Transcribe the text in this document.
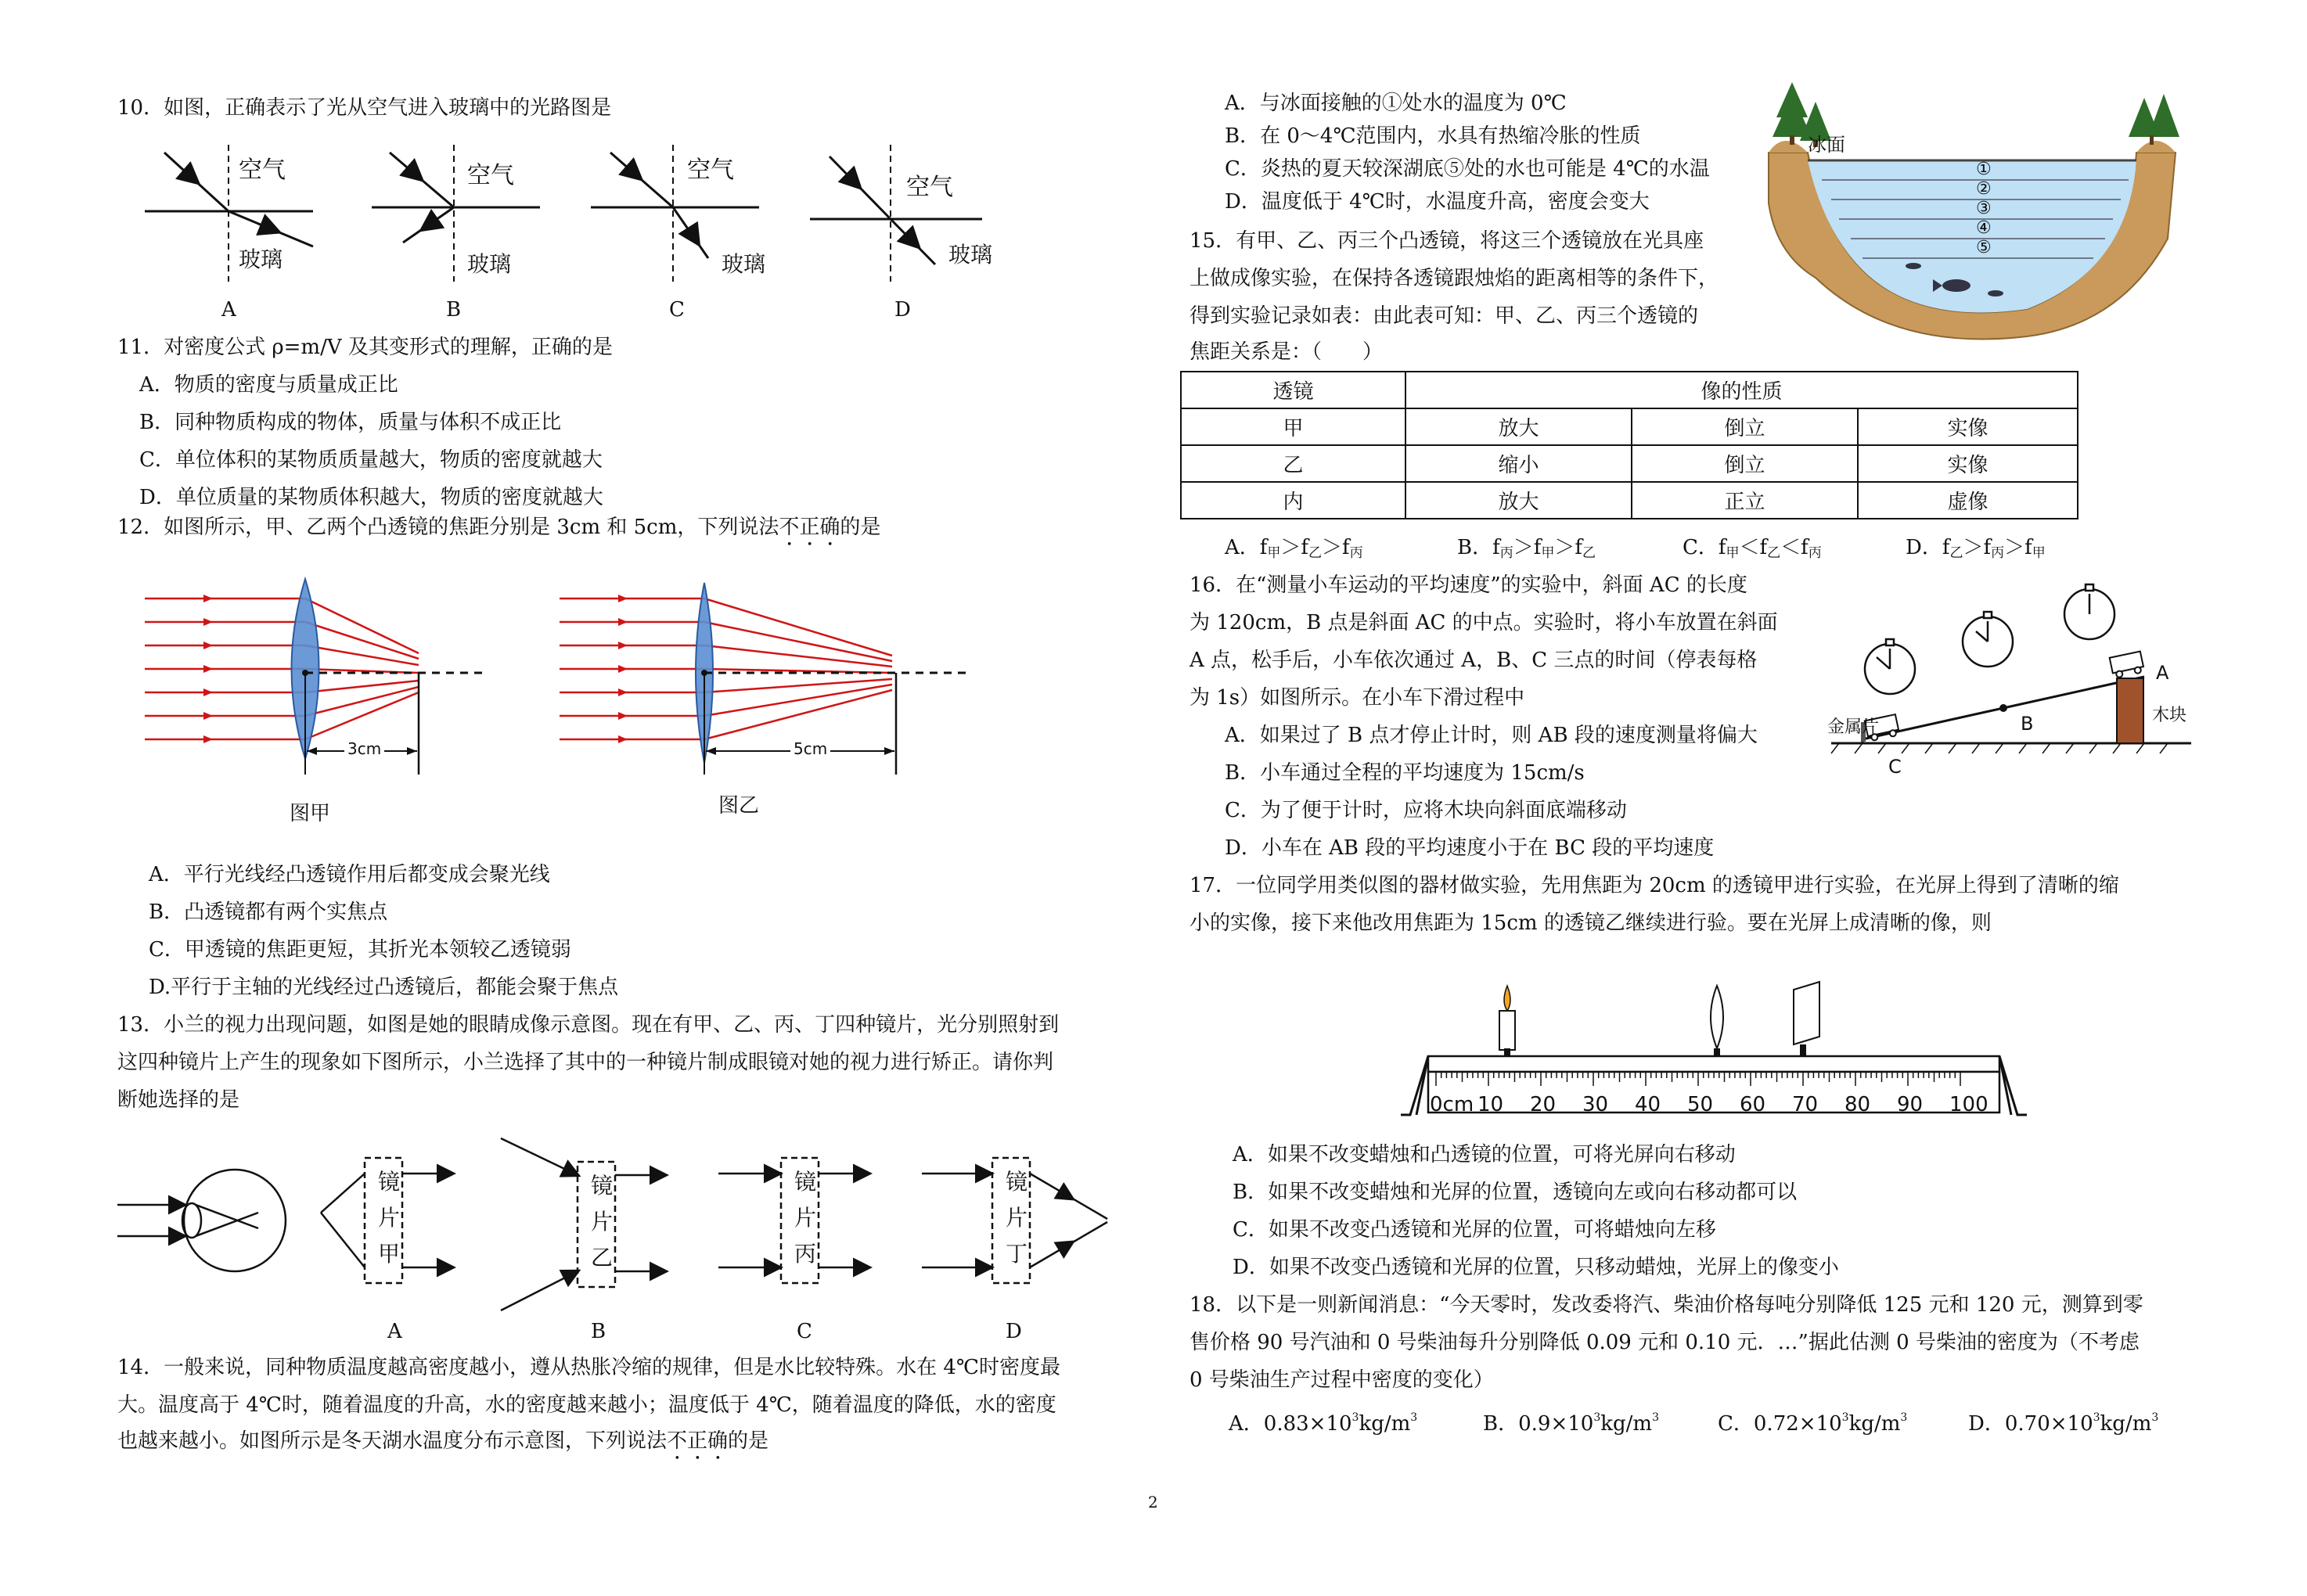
10．如图，正确表示了光从空气进入玻璃中的光路图是
空气
玻璃
空气
玻璃
空气
玻璃
空气
玻璃
A	B	C	D
11．对密度公式 ρ=m/V 及其变形式的理解，正确的是
A．物质的密度与质量成正比
B．同种物质构成的物体，质量与体积不成正比
C．单位体积的某物质质量越大，物质的密度就越大
D．单位质量的某物质体积越大，物质的密度就越大
12．如图所示，甲、乙两个凸透镜的焦距分别是 3cm 和 5cm，下列说法不正确的是
3cm	5cm
图甲	图乙
A．平行光线经凸透镜作用后都变成会聚光线
B．凸透镜都有两个实焦点
C．甲透镜的焦距更短，其折光本领较乙透镜弱
D.平行于主轴的光线经过凸透镜后，都能会聚于焦点
13．小兰的视力出现问题，如图是她的眼睛成像示意图。现在有甲、乙、丙、丁四种镜片，光分别照射到
这四种镜片上产生的现象如下图所示，小兰选择了其中的一种镜片制成眼镜对她的视力进行矫正。请你判
断她选择的是
镜片甲
镜片乙
镜片丙
镜片丁
A	B	C	D
14．一般来说，同种物质温度越高密度越小，遵从热胀冷缩的规律，但是水比较特殊。水在 4℃时密度最
大。温度高于 4℃时，随着温度的升高，水的密度越来越小；温度低于 4℃，随着温度的降低，水的密度
也越来越小。如图所示是冬天湖水温度分布示意图，下列说法不正确的是
A．与冰面接触的①处水的温度为 0℃
B．在 0～4℃范围内，水具有热缩冷胀的性质
C．炎热的夏天较深湖底⑤处的水也可能是 4℃的水温
D．温度低于 4℃时，水温度升高，密度会变大
冰面
①
②
③
④
⑤
15．有甲、乙、丙三个凸透镜，将这三个透镜放在光具座
上做成像实验，在保持各透镜跟烛焰的距离相等的条件下，
得到实验记录如表：由此表可知：甲、乙、丙三个透镜的
焦距关系是：（　　）
透镜	像的性质		
甲	放大	倒立	实像
乙	缩小	倒立	实像
内	放大	正立	虚像
A．f甲＞f乙＞f丙	B．f丙＞f甲＞f乙	C．f甲＜f乙＜f丙	D．f乙＞f丙＞f甲
16．在“测量小车运动的平均速度”的实验中，斜面 AC 的长度
为 120cm，B 点是斜面 AC 的中点。实验时，将小车放置在斜面
A 点，松手后，小车依次通过 A，B、C 三点的时间（停表每格
为 1s）如图所示。在小车下滑过程中
A．如果过了 B 点才停止计时，则 AB 段的速度测量将偏大
B．小车通过全程的平均速度为 15cm/s
C．为了便于计时，应将木块向斜面底端移动
D．小车在 AB 段的平均速度小于在 BC 段的平均速度
金属片
木块
A
B
C
17．一位同学用类似图的器材做实验，先用焦距为 20cm 的透镜甲进行实验，在光屏上得到了清晰的缩
小的实像，接下来他改用焦距为 15cm 的透镜乙继续进行验。要在光屏上成清晰的像，则
0cm 10 20 30 40 50 60 70 80 90 100
A．如果不改变蜡烛和凸透镜的位置，可将光屏向右移动
B．如果不改变蜡烛和光屏的位置，透镜向左或向右移动都可以
C．如果不改变凸透镜和光屏的位置，可将蜡烛向左移
D．如果不改变凸透镜和光屏的位置，只移动蜡烛，光屏上的像变小
18．以下是一则新闻消息：“今天零时，发改委将汽、柴油价格每吨分别降低 125 元和 120 元，测算到零
售价格 90 号汽油和 0 号柴油每升分别降低 0.09 元和 0.10 元．…”据此估测 0 号柴油的密度为（不考虑
0 号柴油生产过程中密度的变化）
A．$0.83\times 10^3kg/m^3$	B．$0.9\times 10^3kg/m^3$	C．$0.72\times 10^3kg/m^3$	D．$0.70\times 10^3kg/m^3$
2
